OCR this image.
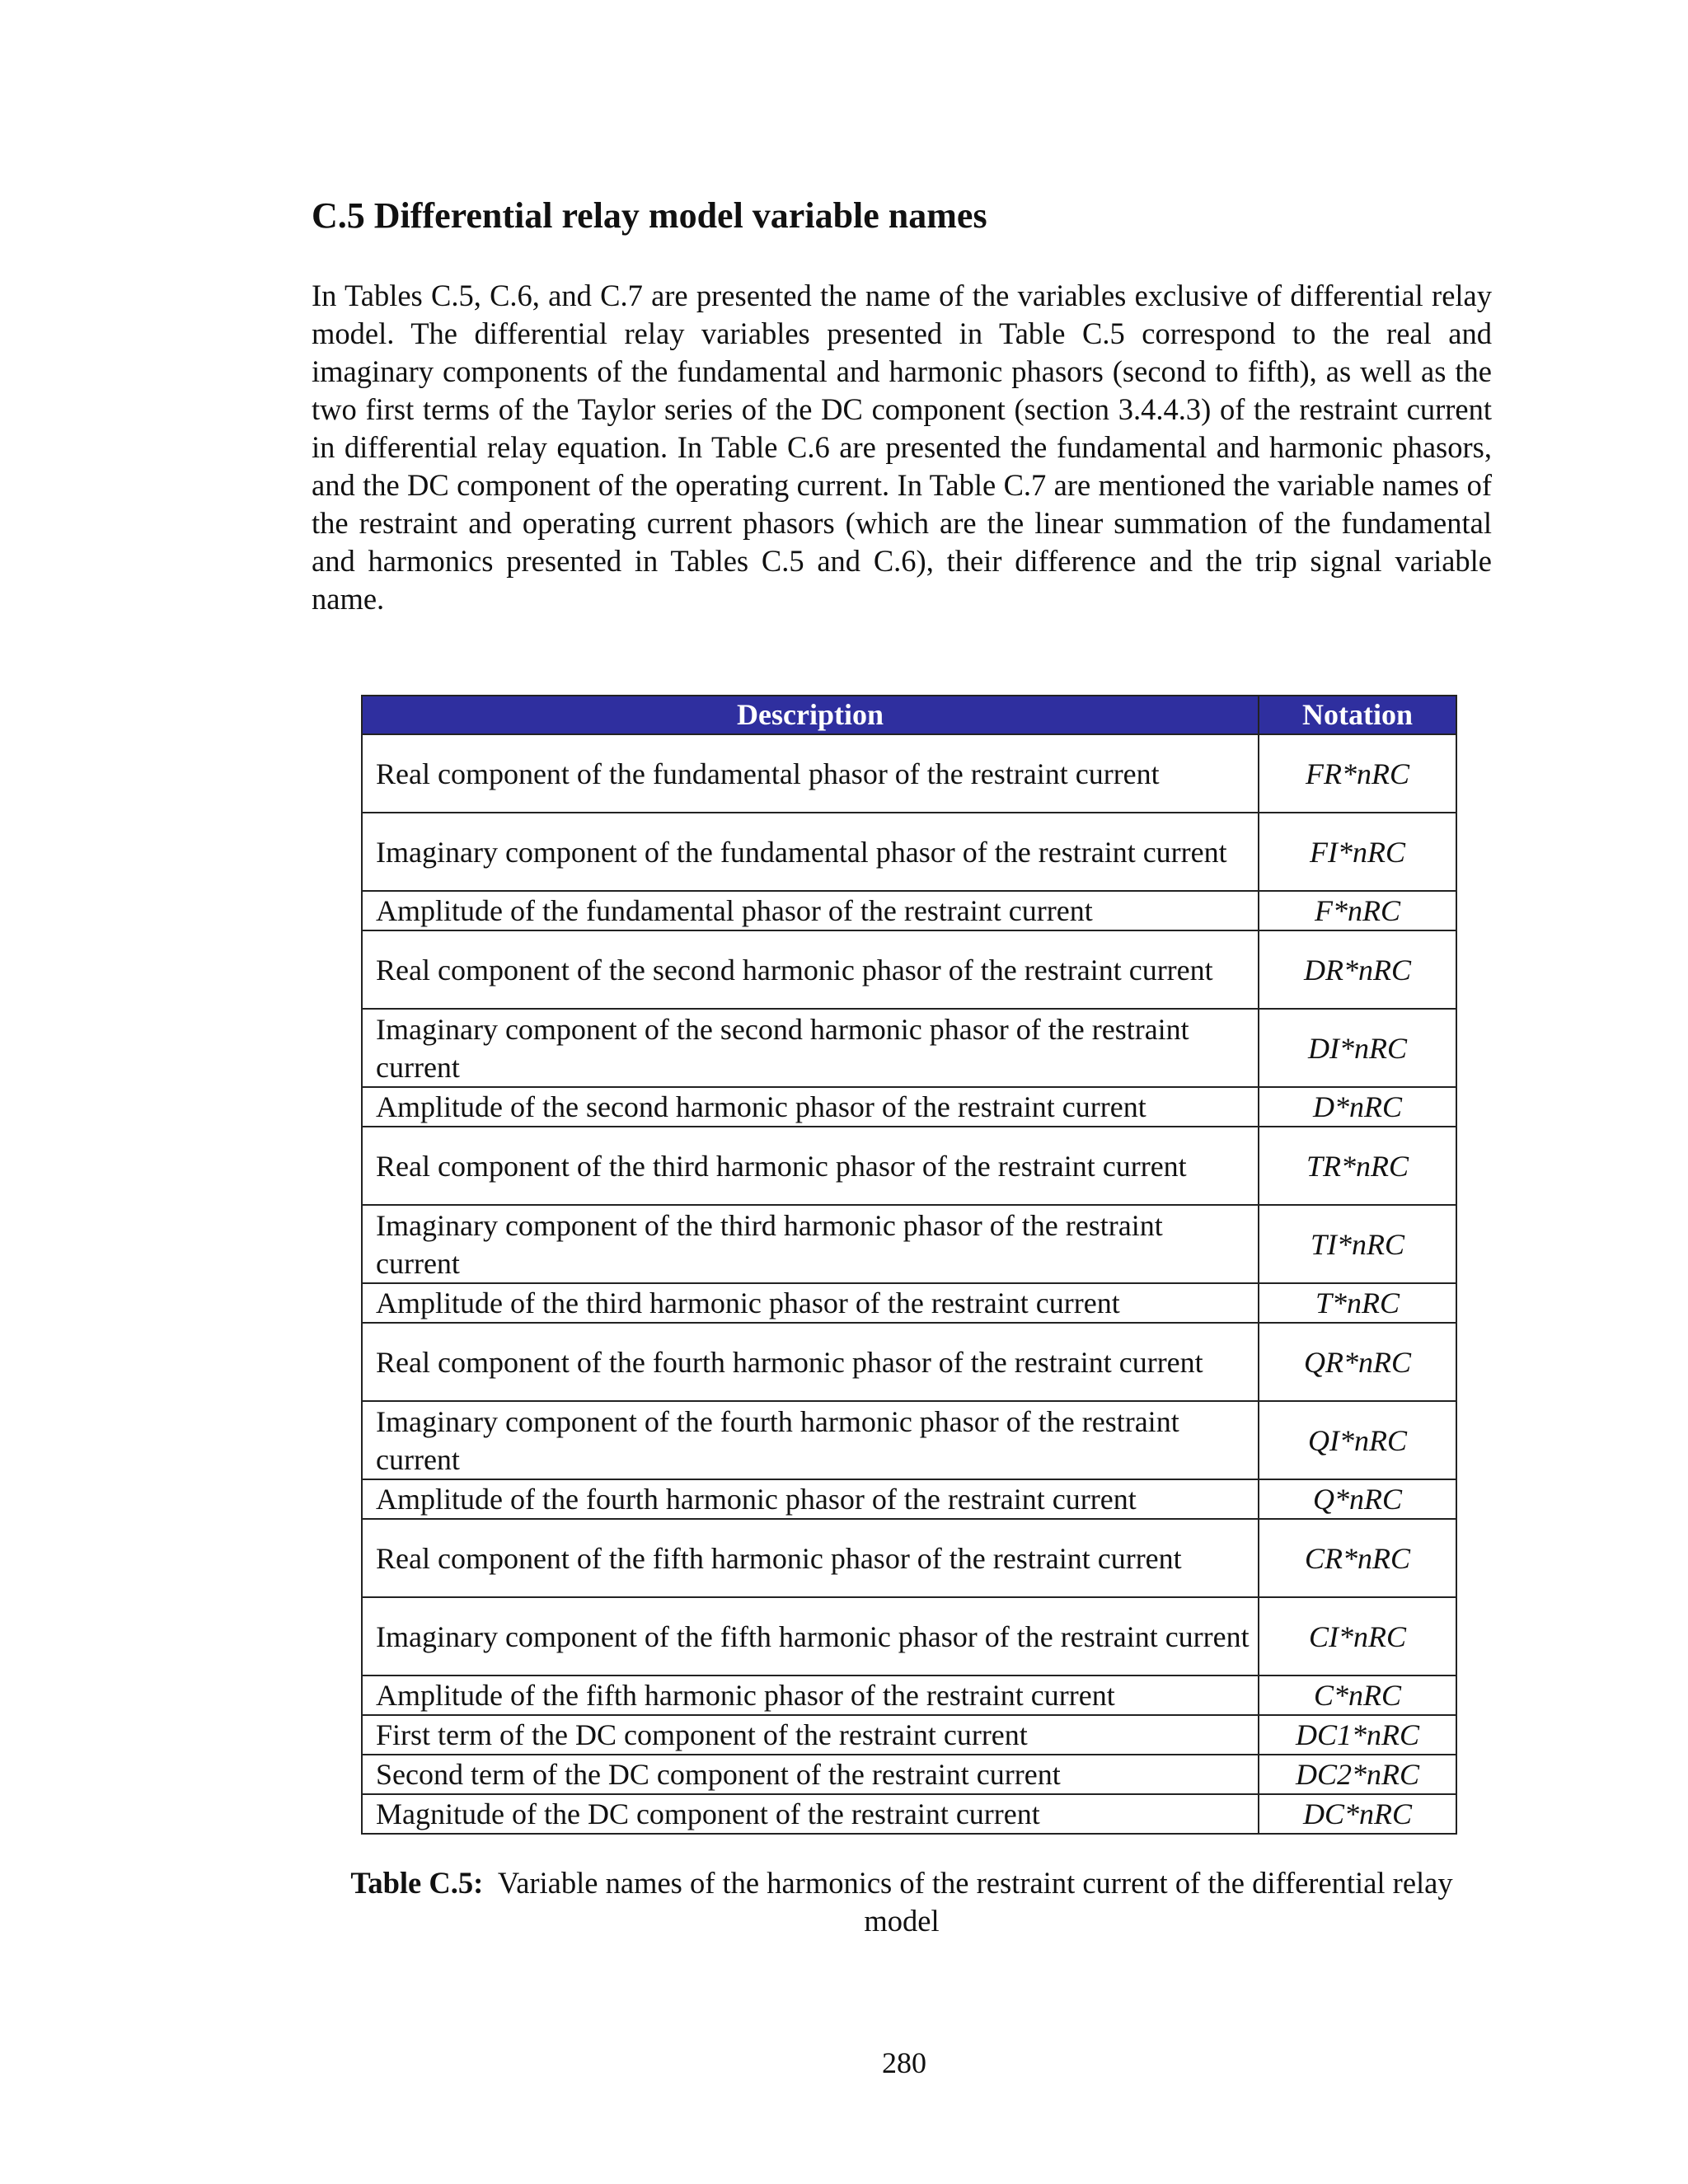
C.5 Differential relay model variable names

In Tables C.5, C.6, and C.7 are presented the name of the variables exclusive of differential relay model. The differential relay variables presented in Table C.5 correspond to the real and imaginary components of the fundamental and harmonic phasors (second to fifth), as well as the two first terms of the Taylor series of the DC component (section 3.4.4.3) of the restraint current in differential relay equation. In Table C.6 are presented the fundamental and harmonic phasors, and the DC component of the operating current. In Table C.7 are mentioned the variable names of the restraint and operating current phasors (which are the linear summation of the fundamental and harmonics presented in Tables C.5 and C.6), their difference and the trip signal variable name.

Description	Notation
Real component of the fundamental phasor of the restraint current	FR*nRC
Imaginary component of the fundamental phasor of the restraint current	FI*nRC
Amplitude of the fundamental phasor of the restraint current	F*nRC
Real component of the second harmonic phasor of the restraint current	DR*nRC
Imaginary component of the second harmonic phasor of the restraint current	DI*nRC
Amplitude of the second harmonic phasor of the restraint current	D*nRC
Real component of the third harmonic phasor of the restraint current	TR*nRC
Imaginary component of the third harmonic phasor of the restraint current	TI*nRC
Amplitude of the third harmonic phasor of the restraint current	T*nRC
Real component of the fourth harmonic phasor of the restraint current	QR*nRC
Imaginary component of the fourth harmonic phasor of the restraint current	QI*nRC
Amplitude of the fourth harmonic phasor of the restraint current	Q*nRC
Real component of the fifth harmonic phasor of the restraint current	CR*nRC
Imaginary component of the fifth harmonic phasor of the restraint current	CI*nRC
Amplitude of the fifth harmonic phasor of the restraint current	C*nRC
First term of the DC component of the restraint current	DC1*nRC
Second term of the DC component of the restraint current	DC2*nRC
Magnitude of the DC component of the restraint current	DC*nRC

Table C.5: Variable names of the harmonics of the restraint current of the differential relay model

280
